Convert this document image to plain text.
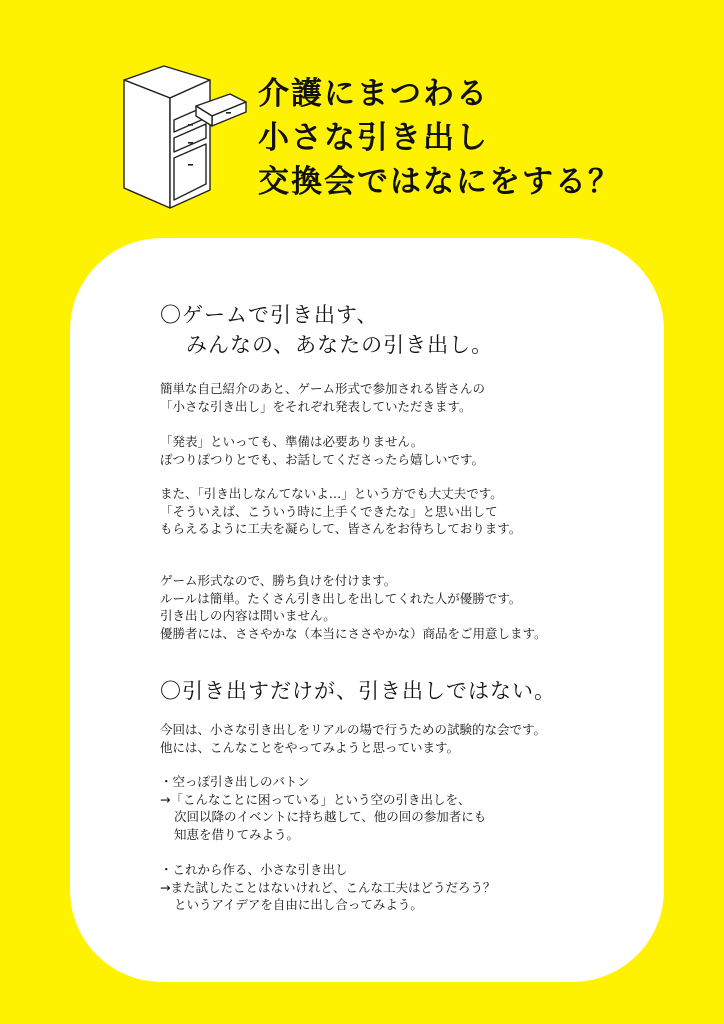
介護にまつわる
小さな引き出し
交換会ではなにをする？
〇ゲームで引き出す、
みんなの、あなたの引き出し。
簡単な自己紹介のあと、ゲーム形式で参加される皆さんの
「小さな引き出し」をそれぞれ発表していただきます。
「発表」といっても、準備は必要ありません。
ぽつりぽつりとでも、お話してくださったら嬉しいです。
また、「引き出しなんてないよ…」という方でも大丈夫です。
「そういえば、こういう時に上手くできたな」と思い出して
もらえるように工夫を凝らして、皆さんをお待ちしております。
ゲーム形式なので、勝ち負けを付けます。
ルールは簡単。たくさん引き出しを出してくれた人が優勝です。
引き出しの内容は問いません。
優勝者には、ささやかな（本当にささやかな）商品をご用意します。
〇引き出すだけが、引き出しではない。
今回は、小さな引き出しをリアルの場で行うための試験的な会です。
他には、こんなことをやってみようと思っています。
・空っぽ引き出しのバトン
→「こんなことに困っている」という空の引き出しを、
次回以降のイベントに持ち越して、他の回の参加者にも
知恵を借りてみよう。
・これから作る、小さな引き出し
→また試したことはないけれど、こんな工夫はどうだろう？
というアイデアを自由に出し合ってみよう。
